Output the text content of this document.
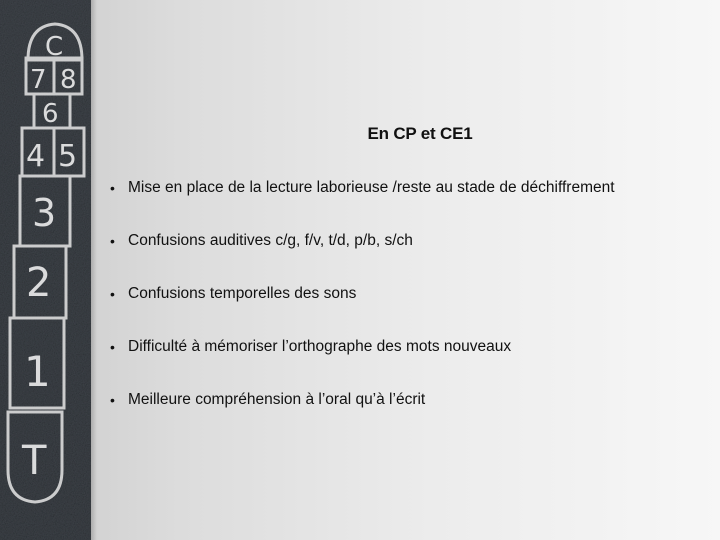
C
7 8
6
4 5
3
2
1
T
En CP et CE1
• Mise en place de la lecture laborieuse /reste au stade de déchiffrement
• Confusions auditives c/g, f/v, t/d, p/b, s/ch
• Confusions temporelles des sons
• Difficulté à mémoriser l’orthographe des mots nouveaux
• Meilleure compréhension à l’oral qu’à l’écrit
